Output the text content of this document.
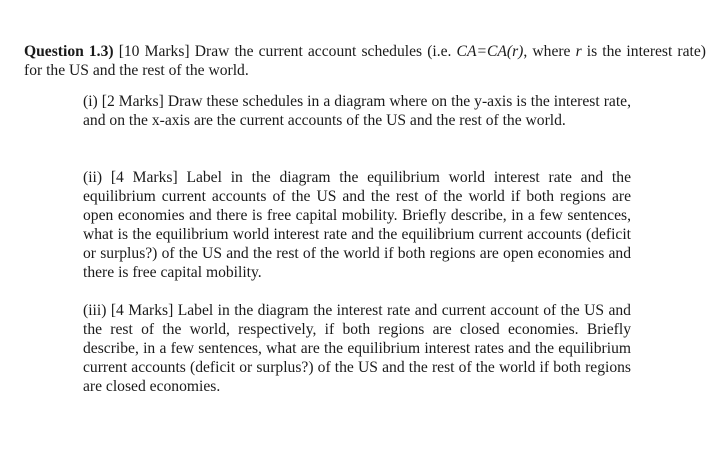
Question 1.3) [10 Marks] Draw the current account schedules (i.e. CA=CA(r), where r is the interest rate) for the US and the rest of the world.

(i) [2 Marks] Draw these schedules in a diagram where on the y-axis is the interest rate, and on the x-axis are the current accounts of the US and the rest of the world.

(ii) [4 Marks] Label in the diagram the equilibrium world interest rate and the equilibrium current accounts of the US and the rest of the world if both regions are open economies and there is free capital mobility. Briefly describe, in a few sentences, what is the equilibrium world interest rate and the equilibrium current accounts (deficit or surplus?) of the US and the rest of the world if both regions are open economies and there is free capital mobility.

(iii) [4 Marks] Label in the diagram the interest rate and current account of the US and the rest of the world, respectively, if both regions are closed economies. Briefly describe, in a few sentences, what are the equilibrium interest rates and the equilibrium current accounts (deficit or surplus?) of the US and the rest of the world if both regions are closed economies.
